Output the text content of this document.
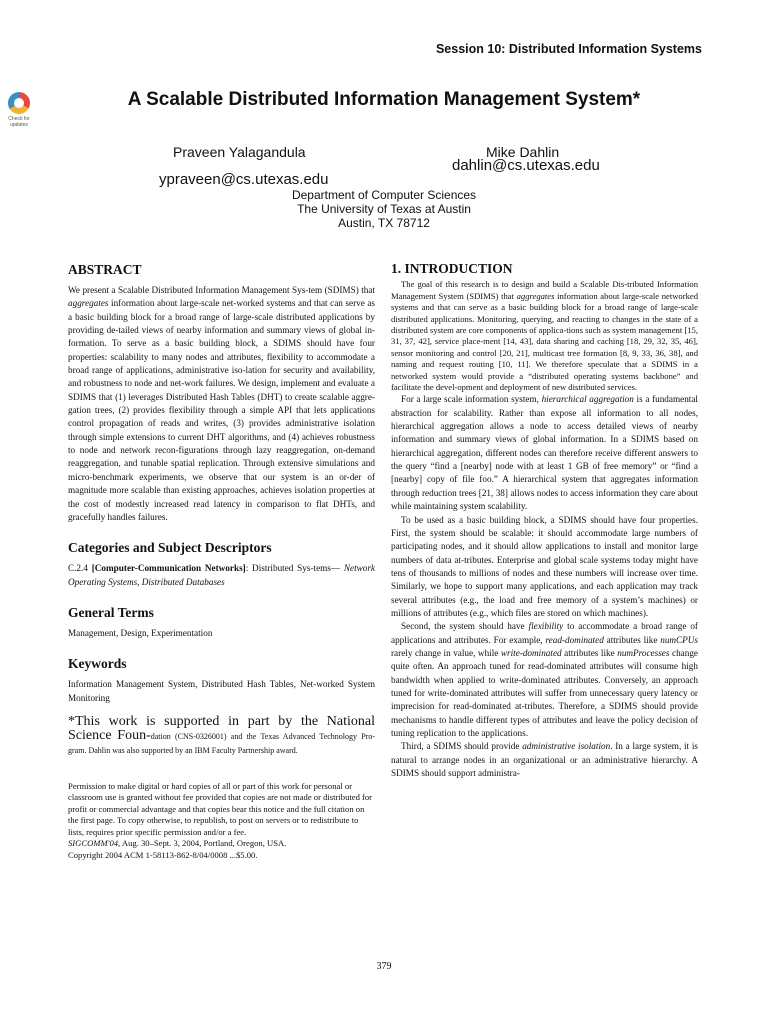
Session 10: Distributed Information Systems
Check for updates
A Scalable Distributed Information Management System*
Praveen Yalagandula	Mike Dahlin
ypraveen@cs.utexas.edu
dahlin@cs.utexas.edu
Department of Computer Sciences
The University of Texas at Austin
Austin, TX 78712
ABSTRACT

We present a Scalable Distributed Information Management Sys-tem (SDIMS) that aggregates information about large-scale net-worked systems and that can serve as a basic building block for a broad range of large-scale distributed applications by providing de-tailed views of nearby information and summary views of global in-formation. To serve as a basic building block, a SDIMS should have four properties: scalability to many nodes and attributes, flexibility to accommodate a broad range of applications, administrative iso-lation for security and availability, and robustness to node and net-work failures. We design, implement and evaluate a SDIMS that (1) leverages Distributed Hash Tables (DHT) to create scalable aggre-gation trees, (2) provides flexibility through a simple API that lets applications control propagation of reads and writes, (3) provides administrative isolation through simple extensions to current DHT algorithms, and (4) achieves robustness to node and network recon-figurations through lazy reaggregation, on-demand reaggregation, and tunable spatial replication. Through extensive simulations and micro-benchmark experiments, we observe that our system is an or-der of magnitude more scalable than existing approaches, achieves isolation properties at the cost of modestly increased read latency in comparison to flat DHTs, and gracefully handles failures.

Categories and Subject Descriptors

C.2.4 [Computer-Communication Networks]: Distributed Sys-tems— Network Operating Systems, Distributed Databases

General Terms

Management, Design, Experimentation

Keywords

Information Management System, Distributed Hash Tables, Net-worked System Monitoring

*This work is supported in part by the National Science Foun-dation (CNS-0326001) and the Texas Advanced Technology Pro-gram. Dahlin was also supported by an IBM Faculty Partnership award.
Permission to make digital or hard copies of all or part of this work for personal or classroom use is granted without fee provided that copies are not made or distributed for profit or commercial advantage and that copies bear this notice and the full citation on the first page. To copy otherwise, to republish, to post on servers or to redistribute to lists, requires prior specific permission and/or a fee.
SIGCOMM'04, Aug. 30–Sept. 3, 2004, Portland, Oregon, USA.
Copyright 2004 ACM 1-58113-862-8/04/0008 ...$5.00.
1. INTRODUCTION

The goal of this research is to design and build a Scalable Dis-tributed Information Management System (SDIMS) that aggregates information about large-scale networked systems and that can serve as a basic building block for a broad range of large-scale distributed applications. Monitoring, querying, and reacting to changes in the state of a distributed system are core components of applica-tions such as system management [15, 31, 37, 42], service place-ment [14, 43], data sharing and caching [18, 29, 32, 35, 46], sensor monitoring and control [20, 21], multicast tree formation [8, 9, 33, 36, 38], and naming and request routing [10, 11]. We therefore speculate that a SDIMS in a networked system would provide a “distributed operating systems backbone” and facilitate the devel-opment and deployment of new distributed services.

For a large scale information system, hierarchical aggregation is a fundamental abstraction for scalability. Rather than expose all information to all nodes, hierarchical aggregation allows a node to access detailed views of nearby information and summary views of global information. In a SDIMS based on hierarchical aggregation, different nodes can therefore receive different answers to the query “find a [nearby] node with at least 1 GB of free memory” or “find a [nearby] copy of file foo.” A hierarchical system that aggregates information through reduction trees [21, 38] allows nodes to access information they care about while maintaining system scalability.

To be used as a basic building block, a SDIMS should have four properties. First, the system should be scalable: it should accommodate large numbers of participating nodes, and it should allow applications to install and monitor large numbers of data at-tributes. Enterprise and global scale systems today might have tens of thousands to millions of nodes and these numbers will increase over time. Similarly, we hope to support many applications, and each application may track several attributes (e.g., the load and free memory of a system’s machines) or millions of attributes (e.g., which files are stored on which machines).

Second, the system should have flexibility to accommodate a broad range of applications and attributes. For example, read-dominated attributes like numCPUs rarely change in value, while write-dominated attributes like numProcesses change quite often. An approach tuned for read-dominated attributes will consume high bandwidth when applied to write-dominated attributes. Conversely, an approach tuned for write-dominated attributes will suffer from unnecessary query latency or imprecision for read-dominated at-tributes. Therefore, a SDIMS should provide mechanisms to handle different types of attributes and leave the policy decision of tuning replication to the applications.

Third, a SDIMS should provide administrative isolation. In a large system, it is natural to arrange nodes in an organizational or an administrative hierarchy. A SDIMS should support administra-

379
